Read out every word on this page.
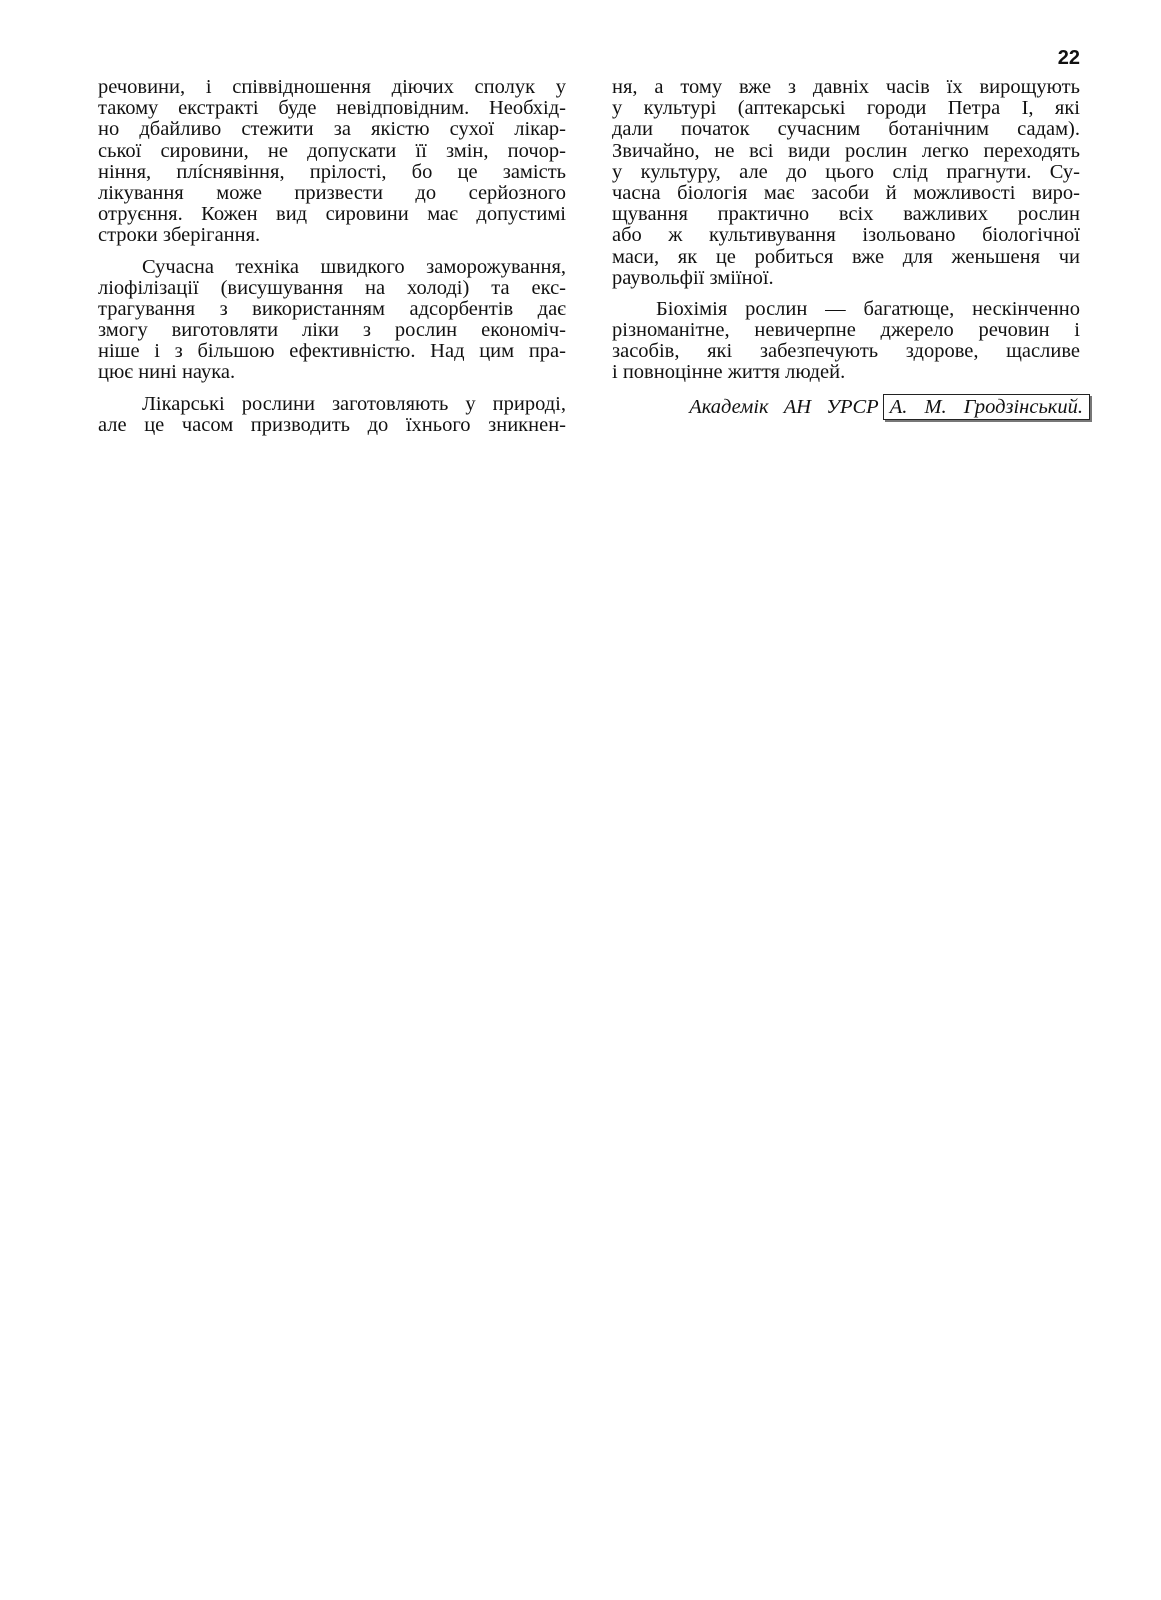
22
речовини, і співвідношення діючих сполук у
такому екстракті буде невідповідним. Необхід-
но дбайливо стежити за якістю сухої лікар-
ської сировини, не допускати її змін, почор-
ніння, плíснявіння, прілості, бо це замість
лікування може призвести до серйозного
отруєння. Кожен вид сировини має допустимі
строки зберігання.
Сучасна техніка швидкого заморожування,
ліофілізації (висушування на холоді) та екс-
трагування з використанням адсорбентів дає
змогу виготовляти ліки з рослин економіч-
ніше і з більшою ефективністю. Над цим пра-
цює нині наука.
Лікарські рослини заготовляють у природі,
але це часом призводить до їхнього зникнен-
ня, а тому вже з давніх часів їх вирощують
у культурі (аптекарські городи Петра І, які
дали початок сучасним ботанічним садам).
Звичайно, не всі види рослин легко переходять
у культуру, але до цього слід прагнути. Су-
часна біологія має засоби й можливості виро-
щування практично всіх важливих рослин
або ж культивування ізольовано біологічної
маси, як це робиться вже для женьшеня чи
раувольфії зміїної.
Біохімія рослин — багатюще, нескінченно
різноманітне, невичерпне джерело речовин і
засобів, які забезпечують здорове, щасливе
і повноцінне життя людей.
Академік АН УРСР А. М. Гродзінський.
